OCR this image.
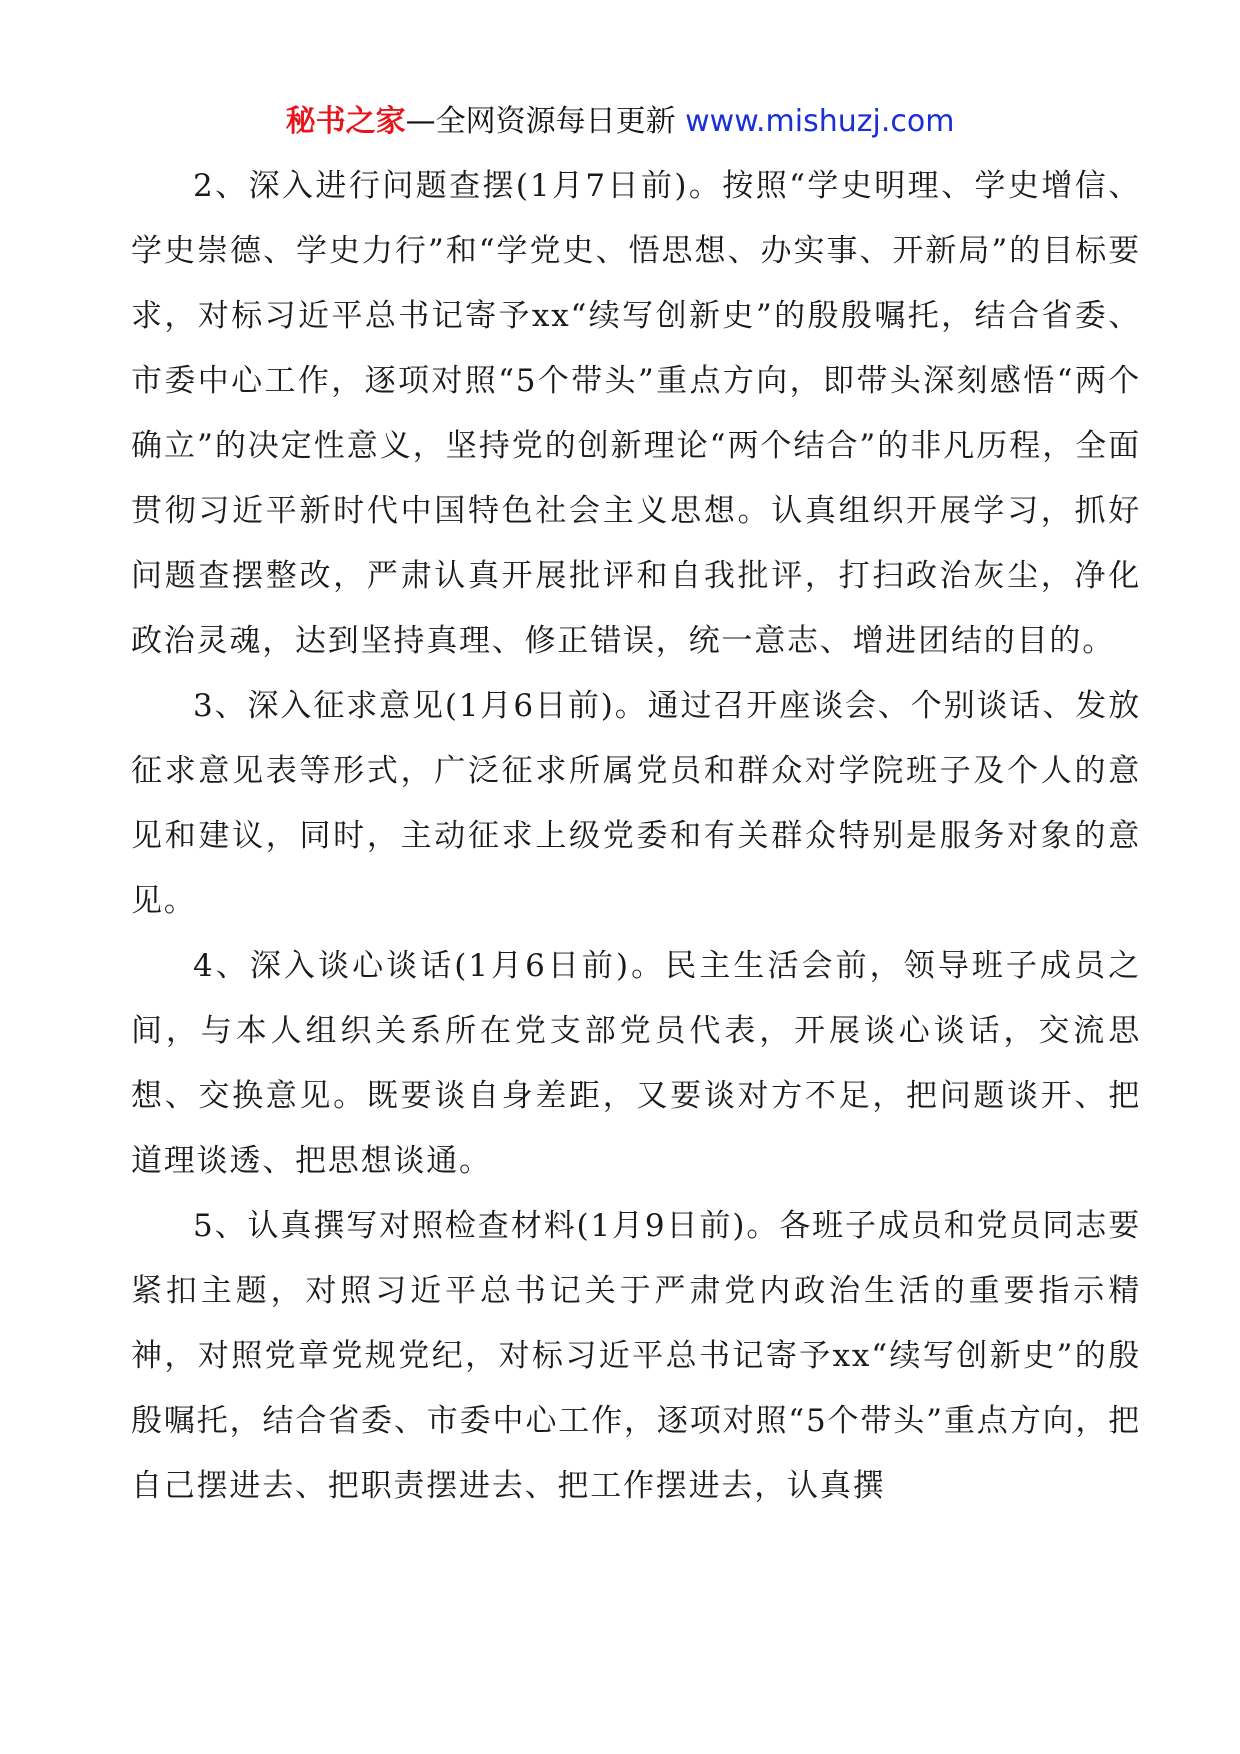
秘书之家—全网资源每日更新 www.mishuzj.com

2、深入进行问题查摆(1月7日前)。按照“学史明理、学史增信、学史崇德、学史力行”和“学党史、悟思想、办实事、开新局”的目标要求，对标习近平总书记寄予xx“续写创新史”的殷殷嘱托，结合省委、市委中心工作，逐项对照“5个带头”重点方向，即带头深刻感悟“两个确立”的决定性意义，坚持党的创新理论“两个结合”的非凡历程，全面贯彻习近平新时代中国特色社会主义思想。认真组织开展学习，抓好问题查摆整改，严肃认真开展批评和自我批评，打扫政治灰尘，净化政治灵魂，达到坚持真理、修正错误，统一意志、增进团结的目的。

3、深入征求意见(1月6日前)。通过召开座谈会、个别谈话、发放征求意见表等形式，广泛征求所属党员和群众对学院班子及个人的意见和建议，同时，主动征求上级党委和有关群众特别是服务对象的意见。

4、深入谈心谈话(1月6日前)。民主生活会前，领导班子成员之间，与本人组织关系所在党支部党员代表，开展谈心谈话，交流思想、交换意见。既要谈自身差距，又要谈对方不足，把问题谈开、把道理谈透、把思想谈通。

5、认真撰写对照检查材料(1月9日前)。各班子成员和党员同志要紧扣主题，对照习近平总书记关于严肃党内政治生活的重要指示精神，对照党章党规党纪，对标习近平总书记寄予xx“续写创新史”的殷殷嘱托，结合省委、市委中心工作，逐项对照“5个带头”重点方向，把自己摆进去、把职责摆进去、把工作摆进去，认真撰
